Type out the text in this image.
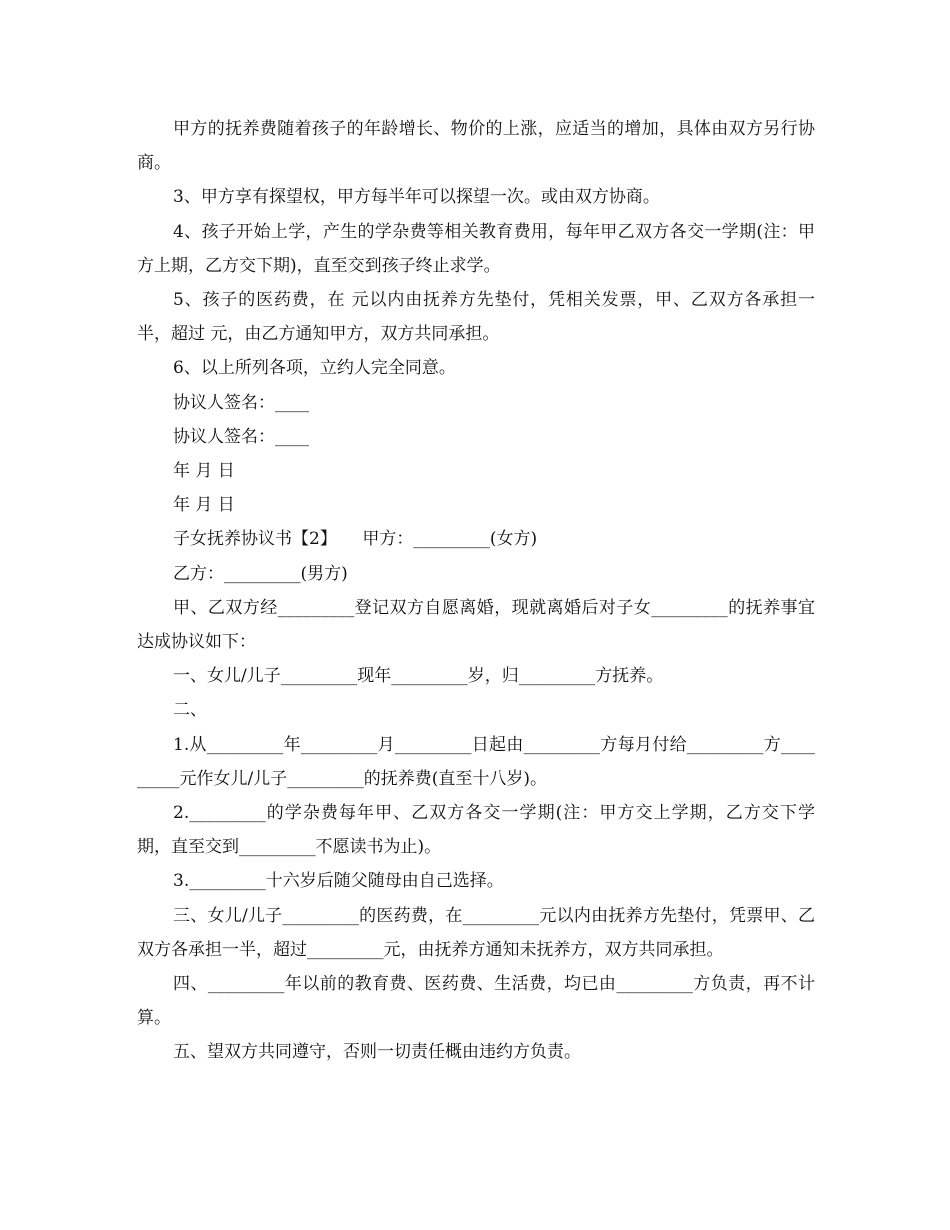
甲方的抚养费随着孩子的年龄增长、物价的上涨，应适当的增加，具体由双方另行协商。

3、甲方享有探望权，甲方每半年可以探望一次。或由双方协商。

4、孩子开始上学，产生的学杂费等相关教育费用，每年甲乙双方各交一学期(注：甲方上期，乙方交下期)，直至交到孩子终止求学。

5、孩子的医药费，在 元以内由抚养方先垫付，凭相关发票，甲、乙双方各承担一半，超过 元，由乙方通知甲方，双方共同承担。

6、以上所列各项，立约人完全同意。

协议人签名：____

协议人签名：____

年 月 日

年 月 日

子女抚养协议书【2】　　甲方：_________(女方)

乙方：_________(男方)

甲、乙双方经_________登记双方自愿离婚，现就离婚后对子女_________的抚养事宜达成协议如下：

一、女儿/儿子_________现年_________岁，归_________方抚养。

二、

1.从_________年_________月_________日起由_________方每月付给_________方_________元作女儿/儿子_________的抚养费(直至十八岁)。

2._________的学杂费每年甲、乙双方各交一学期(注：甲方交上学期，乙方交下学期，直至交到_________不愿读书为止)。

3._________十六岁后随父随母由自己选择。

三、女儿/儿子_________的医药费，在_________元以内由抚养方先垫付，凭票甲、乙双方各承担一半，超过_________元，由抚养方通知未抚养方，双方共同承担。

四、_________年以前的教育费、医药费、生活费，均已由_________方负责，再不计算。

五、望双方共同遵守，否则一切责任概由违约方负责。
